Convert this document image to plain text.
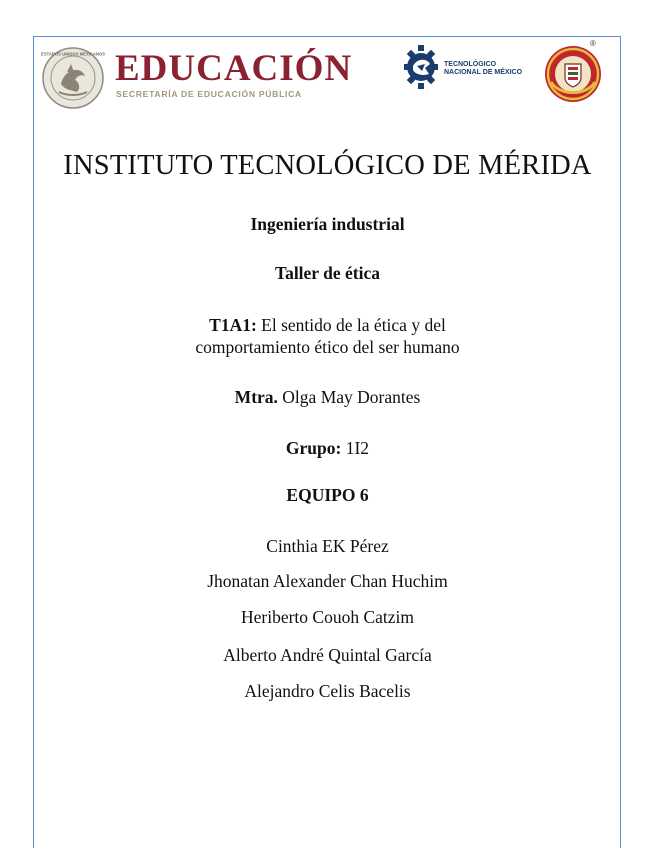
ESTADOS UNIDOS MEXICANOS EDUCACIÓN
SECRETARÍA DE EDUCACIÓN PÚBLICA
TECNOLÓGICO
NACIONAL DE MÉXICO
®
INSTITUTO TECNOLÓGICO DE MÉRIDA
Ingeniería industrial
Taller de ética
T1A1: El sentido de la ética y del
comportamiento ético del ser humano
Mtra. Olga May Dorantes
Grupo: 1I2
EQUIPO 6
Cinthia EK Pérez
Jhonatan Alexander Chan Huchim
Heriberto Couoh Catzim
Alberto André Quintal García
Alejandro Celis Bacelis
